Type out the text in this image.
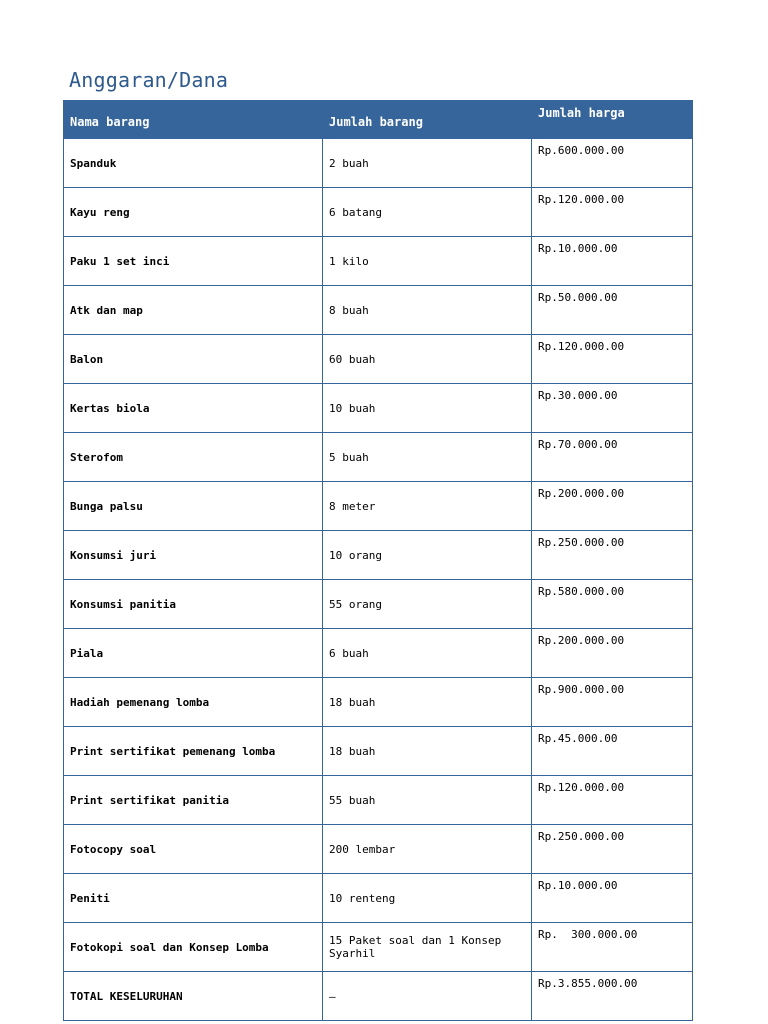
Anggaran/Dana
Nama barang	Jumlah barang	Jumlah harga
Spanduk	2 buah	Rp.600.000.00
Kayu reng	6 batang	Rp.120.000.00
Paku 1 set inci	1 kilo	Rp.10.000.00
Atk dan map	8 buah	Rp.50.000.00
Balon	60 buah	Rp.120.000.00
Kertas biola	10 buah	Rp.30.000.00
Sterofom	5 buah	Rp.70.000.00
Bunga palsu	8 meter	Rp.200.000.00
Konsumsi juri	10 orang	Rp.250.000.00
Konsumsi panitia	55 orang	Rp.580.000.00
Piala	6 buah	Rp.200.000.00
Hadiah pemenang lomba	18 buah	Rp.900.000.00
Print sertifikat pemenang lomba	18 buah	Rp.45.000.00
Print sertifikat panitia	55 buah	Rp.120.000.00
Fotocopy soal	200 lembar	Rp.250.000.00
Peniti	10 renteng	Rp.10.000.00
Fotokopi soal dan Konsep Lomba	15 Paket soal dan 1 Konsep Syarhil	Rp.  300.000.00
TOTAL KESELURUHAN	–	Rp.3.855.000.00
